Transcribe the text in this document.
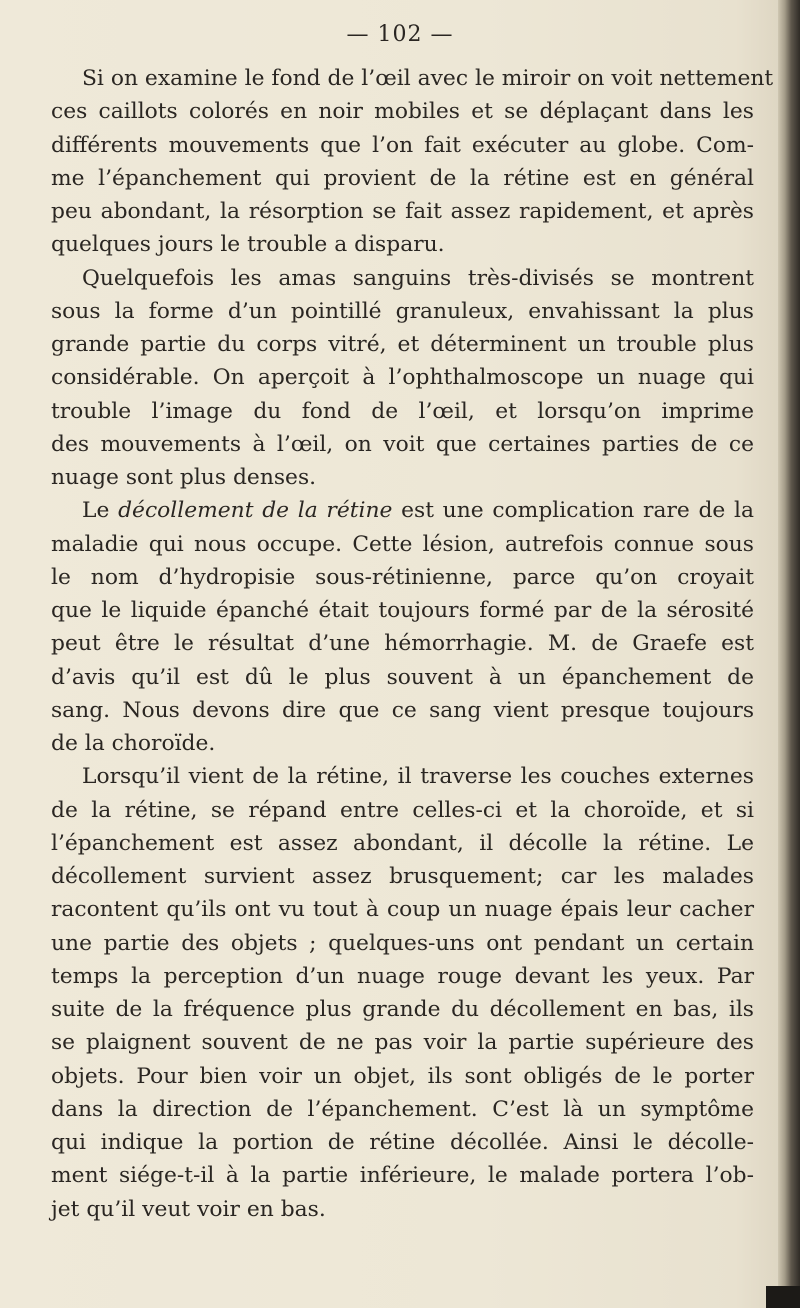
— 102 —
Si on examine le fond de l’œil avec le miroir on voit nettement
ces caillots colorés en noir mobiles et se déplaçant dans les
différents mouvements que l’on fait exécuter au globe. Com-
me l’épanchement qui provient de la rétine est en général
peu abondant, la résorption se fait assez rapidement, et après
quelques jours le trouble a disparu.
Quelquefois les amas sanguins très-divisés se montrent
sous la forme d’un pointillé granuleux, envahissant la plus
grande partie du corps vitré, et déterminent un trouble plus
considérable. On aperçoit à l’ophthalmoscope un nuage qui
trouble l’image du fond de l’œil, et lorsqu’on imprime
des mouvements à l’œil, on voit que certaines parties de ce
nuage sont plus denses.
Le décollement de la rétine est une complication rare de la
maladie qui nous occupe. Cette lésion, autrefois connue sous
le nom d’hydropisie sous-rétinienne, parce qu’on croyait
que le liquide épanché était toujours formé par de la sérosité
peut être le résultat d’une hémorrhagie. M. de Graefe est
d’avis qu’il est dû le plus souvent à un épanchement de
sang. Nous devons dire que ce sang vient presque toujours
de la choroïde.
Lorsqu’il vient de la rétine, il traverse les couches externes
de la rétine, se répand entre celles-ci et la choroïde, et si
l’épanchement est assez abondant, il décolle la rétine. Le
décollement survient assez brusquement; car les malades
racontent qu’ils ont vu tout à coup un nuage épais leur cacher
une partie des objets ; quelques-uns ont pendant un certain
temps la perception d’un nuage rouge devant les yeux. Par
suite de la fréquence plus grande du décollement en bas, ils
se plaignent souvent de ne pas voir la partie supérieure des
objets. Pour bien voir un objet, ils sont obligés de le porter
dans la direction de l’épanchement. C’est là un symptôme
qui indique la portion de rétine décollée. Ainsi le décolle-
ment siége-t-il à la partie inférieure, le malade portera l’ob-
jet qu’il veut voir en bas.
